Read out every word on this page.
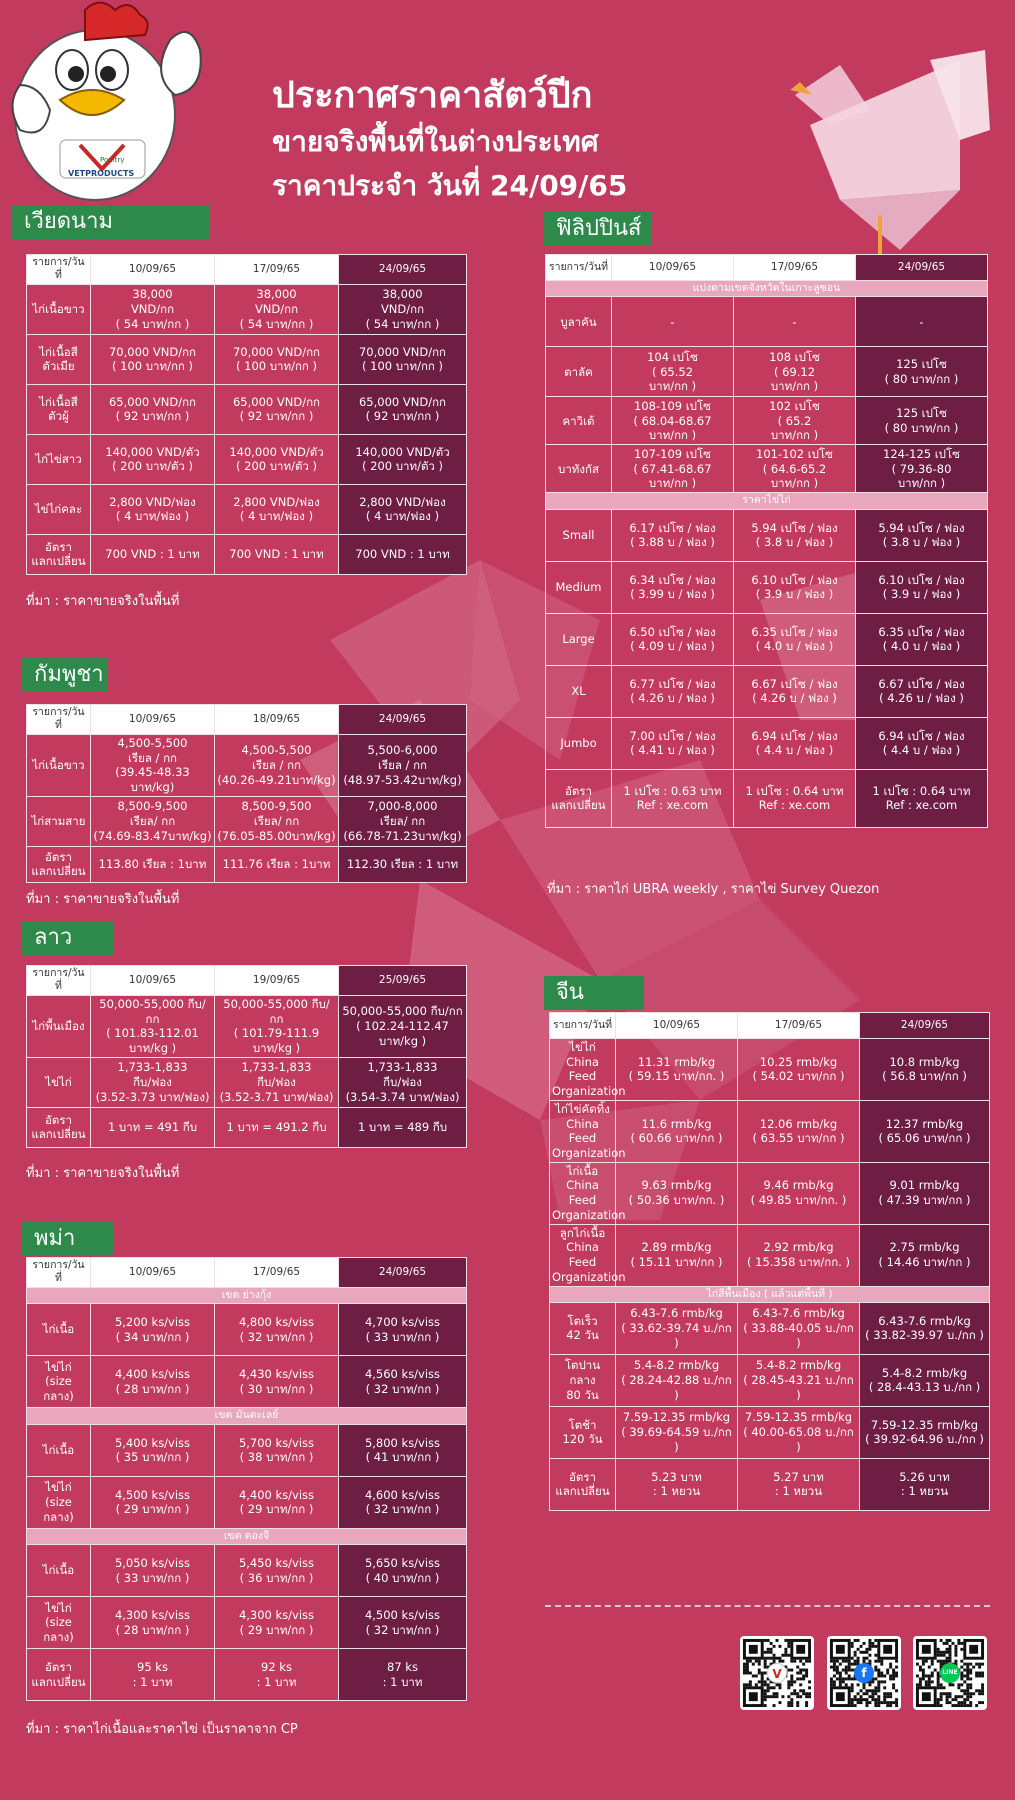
Poultry
VETPRODUCTS
ประกาศราคาสัตว์ปีก
ขายจริงพื้นที่ในต่างประเทศ
ราคาประจำ วันที่ 24/09/65
เวียดนาม
รายการ/วันที่	10/09/65	17/09/65	24/09/65
ไก่เนื้อขาว	38,000
VND/กก
( 54 บาท/กก )	38,000
VND/กก
( 54 บาท/กก )	38,000
VND/กก
( 54 บาท/กก )
ไก่เนื้อสี
ตัวเมีย	70,000 VND/กก
( 100 บาท/กก )	70,000 VND/กก
( 100 บาท/กก )	70,000 VND/กก
( 100 บาท/กก )
ไก่เนื้อสี
ตัวผู้	65,000 VND/กก
( 92 บาท/กก )	65,000 VND/กก
( 92 บาท/กก )	65,000 VND/กก
( 92 บาท/กก )
ไก่ไข่สาว	140,000 VND/ตัว
( 200 บาท/ตัว )	140,000 VND/ตัว
( 200 บาท/ตัว )	140,000 VND/ตัว
( 200 บาท/ตัว )
ไข่ไก่คละ	2,800 VND/ฟอง
( 4 บาท/ฟอง )	2,800 VND/ฟอง
( 4 บาท/ฟอง )	2,800 VND/ฟอง
( 4 บาท/ฟอง )
อัตรา
แลกเปลี่ยน	700 VND : 1 บาท	700 VND : 1 บาท	700 VND : 1 บาท
ที่มา : ราคาขายจริงในพื้นที่
กัมพูชา
รายการ/วันที่	10/09/65	18/09/65	24/09/65
ไก่เนื้อขาว	4,500-5,500
เรียล / กก
(39.45-48.33 บาท/kg)	4,500-5,500
เรียล / กก
(40.26-49.21บาท/kg)	5,500-6,000
เรียล / กก
(48.97-53.42บาท/kg)
ไก่สามสาย	8,500-9,500
เรียล/ กก
(74.69-83.47บาท/kg)	8,500-9,500
เรียล/ กก
(76.05-85.00บาท/kg)	7,000-8,000
เรียล/ กก
(66.78-71.23บาท/kg)
อัตรา
แลกเปลี่ยน	113.80 เรียล : 1บาท	111.76 เรียล : 1บาท	112.30 เรียล : 1 บาท
ที่มา : ราคาขายจริงในพื้นที่
ลาว
รายการ/วันที่	10/09/65	19/09/65	25/09/65
ไก่พื้นเมือง	50,000-55,000 กีบ/กก
( 101.83-112.01
บาท/kg )	50,000-55,000 กีบ/กก
( 101.79-111.9
บาท/kg )	50,000-55,000 กีบ/กก
( 102.24-112.47
บาท/kg )
ไข่ไก่	1,733-1,833
กีบ/ฟอง
(3.52-3.73 บาท/ฟอง)	1,733-1,833
กีบ/ฟอง
(3.52-3.71 บาท/ฟอง)	1,733-1,833
กีบ/ฟอง
(3.54-3.74 บาท/ฟอง)
อัตรา
แลกเปลี่ยน	1 บาท = 491 กีบ	1 บาท = 491.2 กีบ	1 บาท = 489 กีบ
ที่มา : ราคาขายจริงในพื้นที่
พม่า
รายการ/วันที่	10/09/65	17/09/65	24/09/65
เขต ย่างกุ้ง			
ไก่เนื้อ	5,200 ks/viss
( 34 บาท/กก )	4,800 ks/viss
( 32 บาท/กก )	4,700 ks/viss
( 33 บาท/กก )
ไข่ไก่
(size กลาง)	4,400 ks/viss
( 28 บาท/กก )	4,430 ks/viss
( 30 บาท/กก )	4,560 ks/viss
( 32 บาท/กก )
เขต มันดะเลย์			
ไก่เนื้อ	5,400 ks/viss
( 35 บาท/กก )	5,700 ks/viss
( 38 บาท/กก )	5,800 ks/viss
( 41 บาท/กก )
ไข่ไก่
(size กลาง)	4,500 ks/viss
( 29 บาท/กก )	4,400 ks/viss
( 29 บาท/กก )	4,600 ks/viss
( 32 บาท/กก )
เขต ตองจี			
ไก่เนื้อ	5,050 ks/viss
( 33 บาท/กก )	5,450 ks/viss
( 36 บาท/กก )	5,650 ks/viss
( 40 บาท/กก )
ไข่ไก่
(size กลาง)	4,300 ks/viss
( 28 บาท/กก )	4,300 ks/viss
( 29 บาท/กก )	4,500 ks/viss
( 32 บาท/กก )
อัตรา
แลกเปลี่ยน	95 ks
: 1 บาท	92 ks
: 1 บาท	87 ks
: 1 บาท
ที่มา : ราคาไก่เนื้อและราคาไข่ เป็นราคาจาก CP
ฟิลิปปินส์
รายการ/วันที่	10/09/65	17/09/65	24/09/65
แบ่งตามเขตจังหวัดในเกาะลูซอน			
บูลาคัน	-	-	-
ตาลัค	104 เปโซ
( 65.52
บาท/กก )	108 เปโซ
( 69.12
บาท/กก )	125 เปโซ
( 80 บาท/กก )
คาวิเต้	108-109 เปโซ
( 68.04-68.67
บาท/กก )	102 เปโซ
( 65.2
บาท/กก )	125 เปโซ
( 80 บาท/กก )
บาทังกัส	107-109 เปโซ
( 67.41-68.67
บาท/กก )	101-102 เปโซ
( 64.6-65.2
บาท/กก )	124-125 เปโซ
( 79.36-80
บาท/กก )
ราคาไข่ไก่			
Small	6.17 เปโซ / ฟอง
( 3.88 บ / ฟอง )	5.94 เปโซ / ฟอง
( 3.8 บ / ฟอง )	5.94 เปโซ / ฟอง
( 3.8 บ / ฟอง )
Medium	6.34 เปโซ / ฟอง
( 3.99 บ / ฟอง )	6.10 เปโซ / ฟอง
( 3.9 บ / ฟอง )	6.10 เปโซ / ฟอง
( 3.9 บ / ฟอง )
Large	6.50 เปโซ / ฟอง
( 4.09 บ / ฟอง )	6.35 เปโซ / ฟอง
( 4.0 บ / ฟอง )	6.35 เปโซ / ฟอง
( 4.0 บ / ฟอง )
XL	6.77 เปโซ / ฟอง
( 4.26 บ / ฟอง )	6.67 เปโซ / ฟอง
( 4.26 บ / ฟอง )	6.67 เปโซ / ฟอง
( 4.26 บ / ฟอง )
Jumbo	7.00 เปโซ / ฟอง
( 4.41 บ / ฟอง )	6.94 เปโซ / ฟอง
( 4.4 บ / ฟอง )	6.94 เปโซ / ฟอง
( 4.4 บ / ฟอง )
อัตรา
แลกเปลี่ยน	1 เปโซ : 0.63 บาท
Ref : xe.com	1 เปโซ : 0.64 บาท
Ref : xe.com	1 เปโซ : 0.64 บาท
Ref : xe.com
ที่มา : ราคาไก่ UBRA weekly , ราคาไข่ Survey Quezon
จีน
รายการ/วันที่	10/09/65	17/09/65	24/09/65
ไข่ไก่
China Feed
Organization	11.31 rmb/kg
( 59.15 บาท/กก. )	10.25 rmb/kg
( 54.02 บาท/กก )	10.8 rmb/kg
( 56.8 บาท/กก )
ไก่ไข่คัดทิ้ง
China Feed
Organization	11.6 rmb/kg
( 60.66 บาท/กก )	12.06 rmb/kg
( 63.55 บาท/กก )	12.37 rmb/kg
( 65.06 บาท/กก )
ไก่เนื้อ
China Feed
Organization	9.63 rmb/kg
( 50.36 บาท/กก. )	9.46 rmb/kg
( 49.85 บาท/กก. )	9.01 rmb/kg
( 47.39 บาท/กก )
ลูกไก่เนื้อ
China Feed
Organization	2.89 rmb/kg
( 15.11 บาท/กก )	2.92 rmb/kg
( 15.358 บาท/กก. )	2.75 rmb/kg
( 14.46 บาท/กก )
ไก่สีพื้นเมือง ( แล้วแต่พื้นที่ )			
โตเร็ว
42 วัน	6.43-7.6 rmb/kg
( 33.62-39.74 บ./กก )	6.43-7.6 rmb/kg
( 33.88-40.05 บ./กก )	6.43-7.6 rmb/kg
( 33.82-39.97 บ./กก )
โตปานกลาง
80 วัน	5.4-8.2 rmb/kg
( 28.24-42.88 บ./กก )	5.4-8.2 rmb/kg
( 28.45-43.21 บ./กก )	5.4-8.2 rmb/kg
( 28.4-43.13 บ./กก )
โตช้า
120 วัน	7.59-12.35 rmb/kg
( 39.69-64.59 บ./กก )	7.59-12.35 rmb/kg
( 40.00-65.08 บ./กก )	7.59-12.35 rmb/kg
( 39.92-64.96 บ./กก )
อัตรา
แลกเปลี่ยน	5.23 บาท
: 1 หยวน	5.27 บาท
: 1 หยวน	5.26 บาท
: 1 หยวน
V	f	LINE
